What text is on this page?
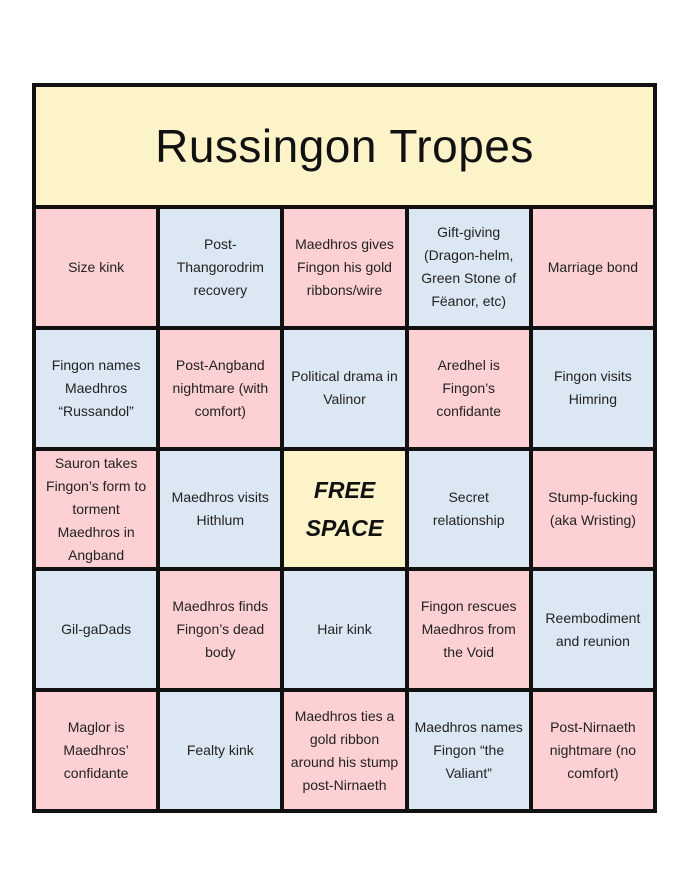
Russingon Tropes
Size kink
Post-Thangorodrim recovery
Maedhros gives Fingon his gold ribbons/wire
Gift-giving (Dragon-helm, Green Stone of Fëanor, etc)
Marriage bond
Fingon names Maedhros “Russandol”
Post-Angband nightmare (with comfort)
Political drama in Valinor
Aredhel is Fingon’s confidante
Fingon visits Himring
Sauron takes Fingon’s form to torment Maedhros in Angband
Maedhros visits Hithlum
FREE SPACE
Secret relationship
Stump-fucking (aka Wristing)
Gil-gaDads
Maedhros finds Fingon’s dead body
Hair kink
Fingon rescues Maedhros from the Void
Reembodiment and reunion
Maglor is Maedhros’ confidante
Fealty kink
Maedhros ties a gold ribbon around his stump post-Nirnaeth
Maedhros names Fingon “the Valiant”
Post-Nirnaeth nightmare (no comfort)
